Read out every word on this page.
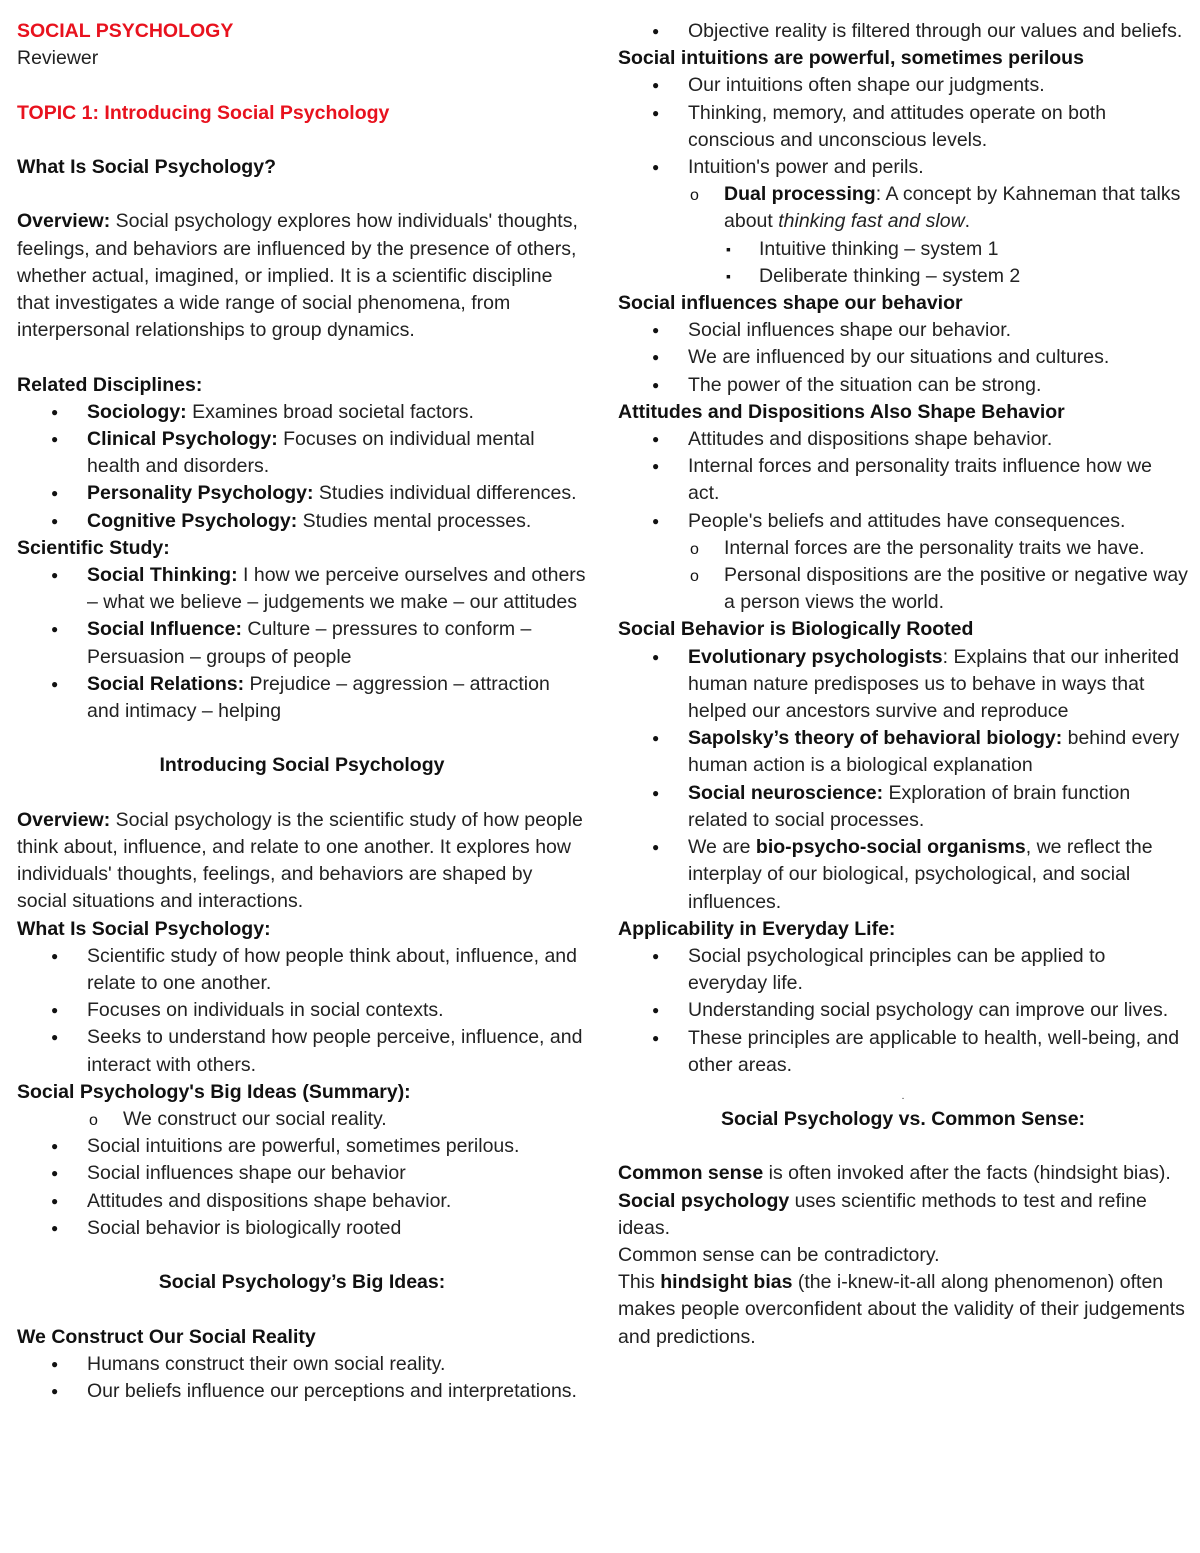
SOCIAL PSYCHOLOGY
Reviewer
TOPIC 1: Introducing Social Psychology
What Is Social Psychology?
Overview: Social psychology explores how individuals' thoughts, feelings, and behaviors are influenced by the presence of others, whether actual, imagined, or implied. It is a scientific discipline that investigates a wide range of social phenomena, from interpersonal relationships to group dynamics.
Related Disciplines:
● Sociology: Examines broad societal factors.
● Clinical Psychology: Focuses on individual mental health and disorders.
● Personality Psychology: Studies individual differences.
● Cognitive Psychology: Studies mental processes.
Scientific Study:
● Social Thinking: I how we perceive ourselves and others – what we believe – judgements we make – our attitudes
● Social Influence: Culture – pressures to conform – Persuasion – groups of people
● Social Relations: Prejudice – aggression – attraction and intimacy – helping
Introducing Social Psychology
Overview: Social psychology is the scientific study of how people think about, influence, and relate to one another. It explores how individuals' thoughts, feelings, and behaviors are shaped by social situations and interactions.
What Is Social Psychology:
● Scientific study of how people think about, influence, and relate to one another.
● Focuses on individuals in social contexts.
● Seeks to understand how people perceive, influence, and interact with others.
Social Psychology's Big Ideas (Summary):
o We construct our social reality.
● Social intuitions are powerful, sometimes perilous.
● Social influences shape our behavior
● Attitudes and dispositions shape behavior.
● Social behavior is biologically rooted
Social Psychology’s Big Ideas:
We Construct Our Social Reality
● Humans construct their own social reality.
● Our beliefs influence our perceptions and interpretations.
● Objective reality is filtered through our values and beliefs.
Social intuitions are powerful, sometimes perilous
● Our intuitions often shape our judgments.
● Thinking, memory, and attitudes operate on both conscious and unconscious levels.
● Intuition's power and perils.
o Dual processing: A concept by Kahneman that talks about thinking fast and slow.
▪ Intuitive thinking – system 1
▪ Deliberate thinking – system 2
Social influences shape our behavior
● Social influences shape our behavior.
● We are influenced by our situations and cultures.
● The power of the situation can be strong.
Attitudes and Dispositions Also Shape Behavior
● Attitudes and dispositions shape behavior.
● Internal forces and personality traits influence how we act.
● People's beliefs and attitudes have consequences.
o Internal forces are the personality traits we have.
o Personal dispositions are the positive or negative way a person views the world.
Social Behavior is Biologically Rooted
● Evolutionary psychologists: Explains that our inherited human nature predisposes us to behave in ways that helped our ancestors survive and reproduce
● Sapolsky’s theory of behavioral biology: behind every human action is a biological explanation
● Social neuroscience: Exploration of brain function related to social processes.
● We are bio-psycho-social organisms, we reflect the interplay of our biological, psychological, and social influences.
Applicability in Everyday Life:
● Social psychological principles can be applied to everyday life.
● Understanding social psychology can improve our lives.
● These principles are applicable to health, well-being, and other areas.
.
Social Psychology vs. Common Sense:
Common sense is often invoked after the facts (hindsight bias).
Social psychology uses scientific methods to test and refine ideas.
Common sense can be contradictory.
This hindsight bias (the i-knew-it-all along phenomenon) often makes people overconfident about the validity of their judgements and predictions.
